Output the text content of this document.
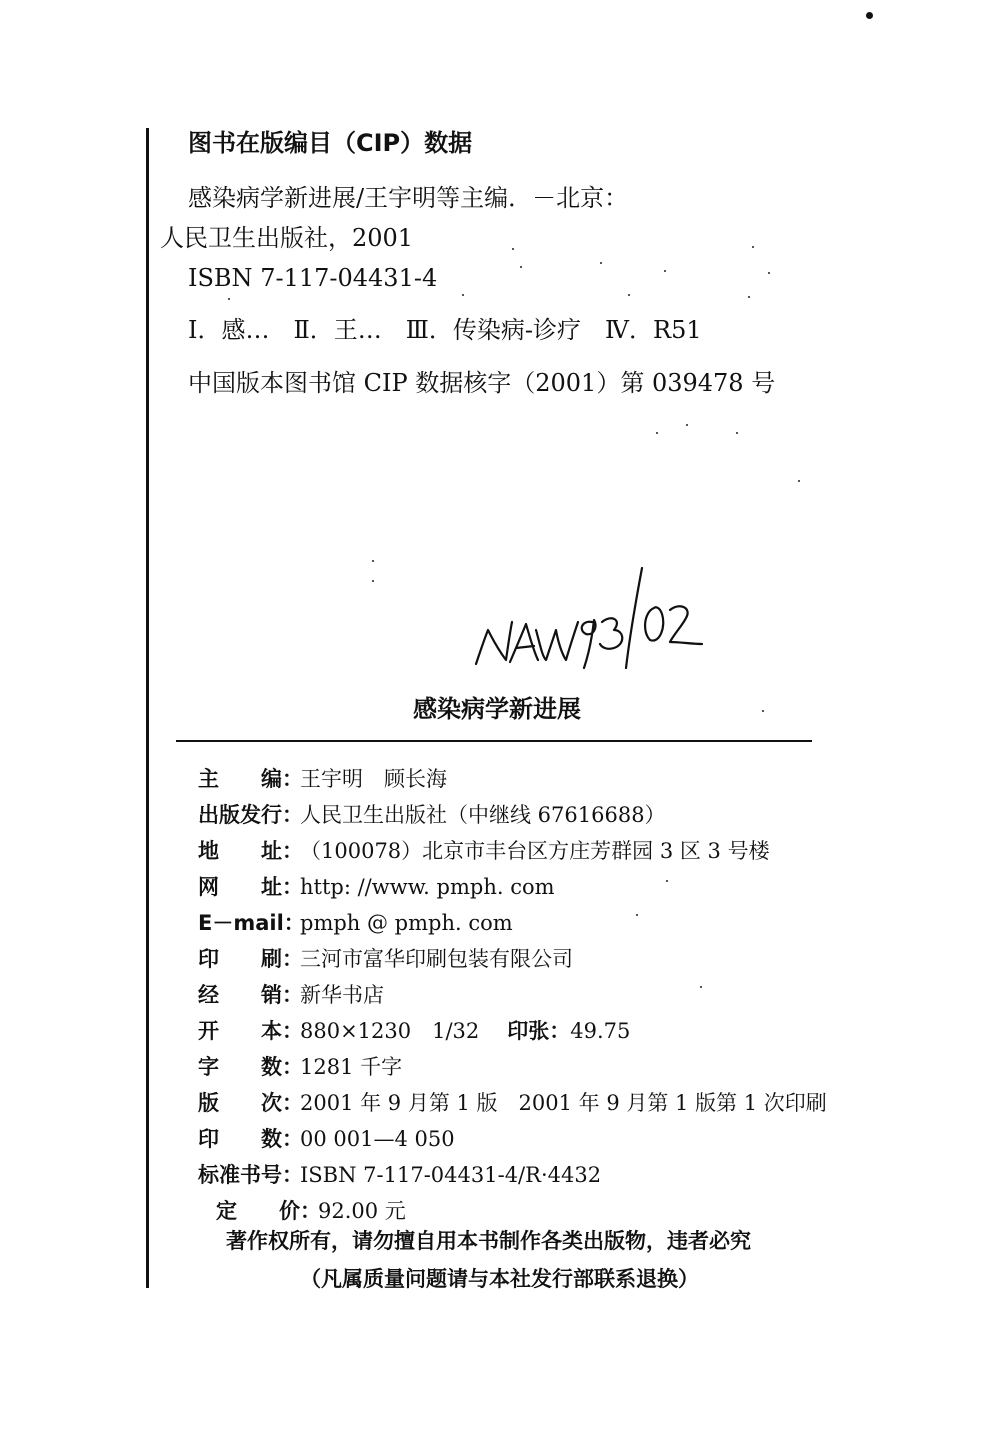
图书在版编目（CIP）数据
感染病学新进展/王宇明等主编．－北京：
人民卫生出版社，2001
ISBN 7-117-04431-4
Ⅰ．感…　Ⅱ．王…　Ⅲ．传染病-诊疗　Ⅳ．R51
中国版本图书馆 CIP 数据核字（2001）第 039478 号
感染病学新进展
主　　编：
王宇明　顾长海
出版发行：
人民卫生出版社（中继线 67616688）
地　　址：
（100078）北京市丰台区方庄芳群园 3 区 3 号楼
网　　址：
http: //www. pmph. com
E－mail：
pmph @ pmph. com
印　　刷：
三河市富华印刷包装有限公司
经　　销：
新华书店
开　　本：
880×1230　1/32 印张： 49.75
字　　数：
1281 千字
版　　次：
2001 年 9 月第 1 版　2001 年 9 月第 1 版第 1 次印刷
印　　数：
00 001—4 050
标准书号：
ISBN 7-117-04431-4/R·4432
定　　价：
92.00 元
著作权所有，请勿擅自用本书制作各类出版物，违者必究
（凡属质量问题请与本社发行部联系退换）
